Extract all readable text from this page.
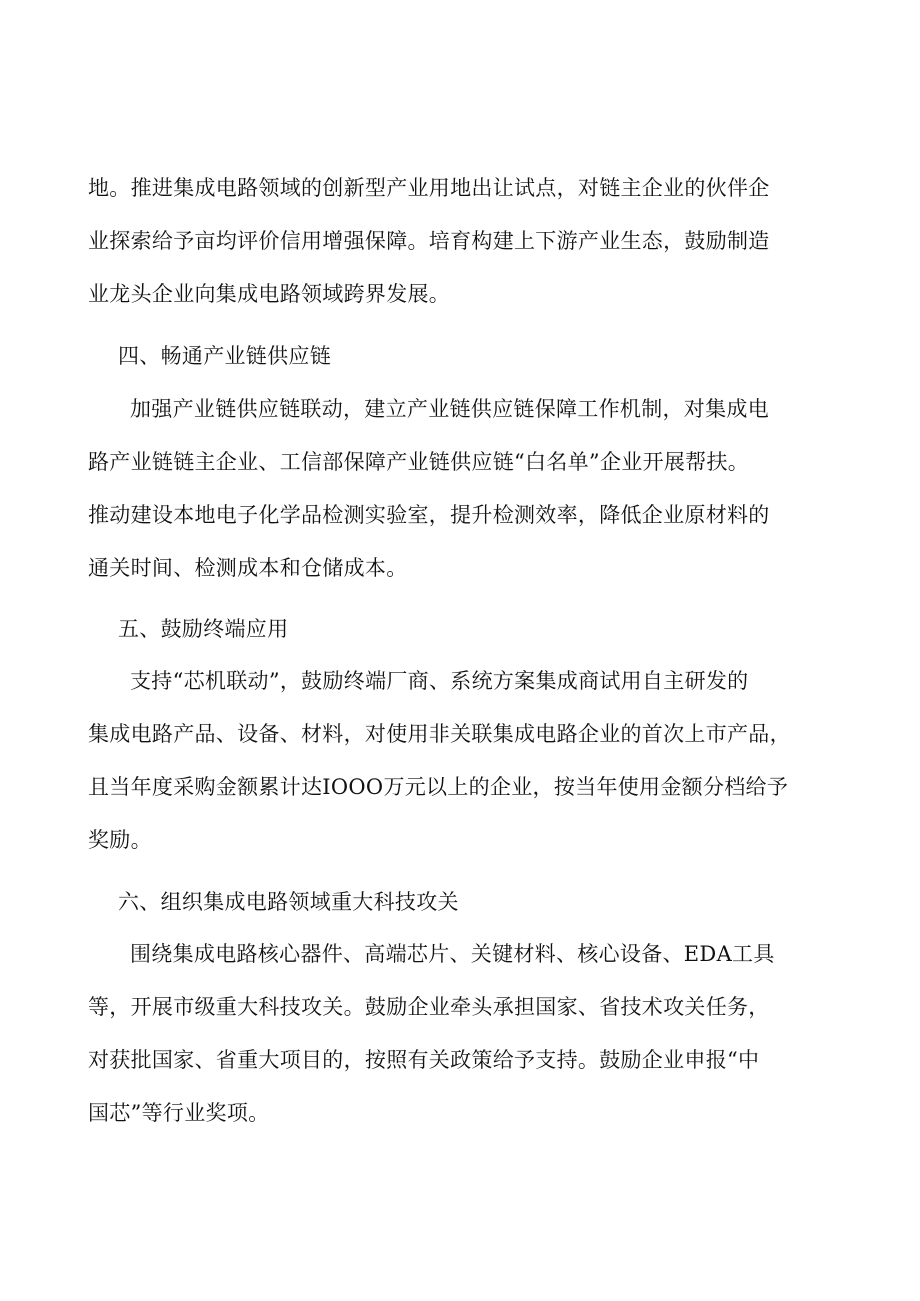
地。推进集成电路领域的创新型产业用地出让试点，对链主企业的伙伴企
业探索给予亩均评价信用增强保障。培育构建上下游产业生态，鼓励制造
业龙头企业向集成电路领域跨界发展。
四、畅通产业链供应链
加强产业链供应链联动，建立产业链供应链保障工作机制，对集成电
路产业链链主企业、工信部保障产业链供应链“白名单”企业开展帮扶。
推动建设本地电子化学品检测实验室，提升检测效率，降低企业原材料的
通关时间、检测成本和仓储成本。
五、鼓励终端应用
支持“芯机联动”，鼓励终端厂商、系统方案集成商试用自主研发的
集成电路产品、设备、材料，对使用非关联集成电路企业的首次上市产品，
且当年度采购金额累计达IOOO万元以上的企业，按当年使用金额分档给予
奖励。
六、组织集成电路领域重大科技攻关
围绕集成电路核心器件、高端芯片、关键材料、核心设备、EDA工具
等，开展市级重大科技攻关。鼓励企业牵头承担国家、省技术攻关任务，
对获批国家、省重大项目的，按照有关政策给予支持。鼓励企业申报“中
国芯”等行业奖项。
